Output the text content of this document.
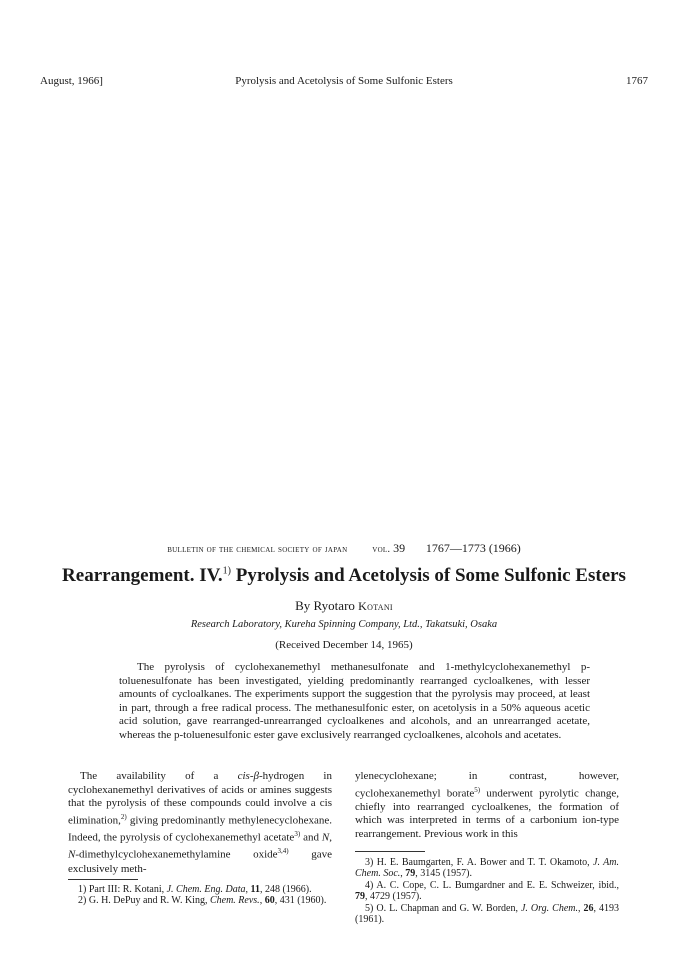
August, 1966]	Pyrolysis and Acetolysis of Some Sulfonic Esters	1767
bulletin of the chemical society of japan vol. 39 1767—1773 (1966)
Rearrangement. IV.$^{1)}$ Pyrolysis and Acetolysis of Some Sulfonic Esters
By Ryotaro Kotani
Research Laboratory, Kureha Spinning Company, Ltd., Takatsuki, Osaka
(Received December 14, 1965)

The pyrolysis of cyclohexanemethyl methanesulfonate and 1-methylcyclohexanemethyl p-toluenesulfonate has been investigated, yielding predominantly rearranged cycloalkenes, with lesser amounts of cycloalkanes. The experiments support the suggestion that the pyrolysis may proceed, at least in part, through a free radical process. The methanesulfonic ester, on acetolysis in a 50% aqueous acetic acid solution, gave rearranged-unrearranged cycloalkenes and alcohols, and an unrearranged acetate, whereas the p-toluenesulfonic ester gave exclusively rearranged cycloalkenes, alcohols and acetates.

The availability of a cis-β-hydrogen in cyclohexanemethyl derivatives of acids or amines suggests that the pyrolysis of these compounds could involve a cis elimination,$^{2)}$ giving predominantly methylenecyclohexane. Indeed, the pyrolysis of cyclohexanemethyl acetate$^{3)}$ and N, N-dimethylcyclohexanemethylamine oxide$^{3,4)}$ gave exclusively meth-

ylenecyclohexane; in contrast, however, cyclohexanemethyl borate$^{5)}$ underwent pyrolytic change, chiefly into rearranged cycloalkenes, the formation of which was interpreted in terms of a carbonium ion-type rearrangement. Previous work in this

1) Part III: R. Kotani, J. Chem. Eng. Data, 11, 248 (1966).
2) G. H. DePuy and R. W. King, Chem. Revs., 60, 431 (1960).
3) H. E. Baumgarten, F. A. Bower and T. T. Okamoto, J. Am. Chem. Soc., 79, 3145 (1957).
4) A. C. Cope, C. L. Bumgardner and E. E. Schweizer, ibid., 79, 4729 (1957).
5) O. L. Chapman and G. W. Borden, J. Org. Chem., 26, 4193 (1961).
